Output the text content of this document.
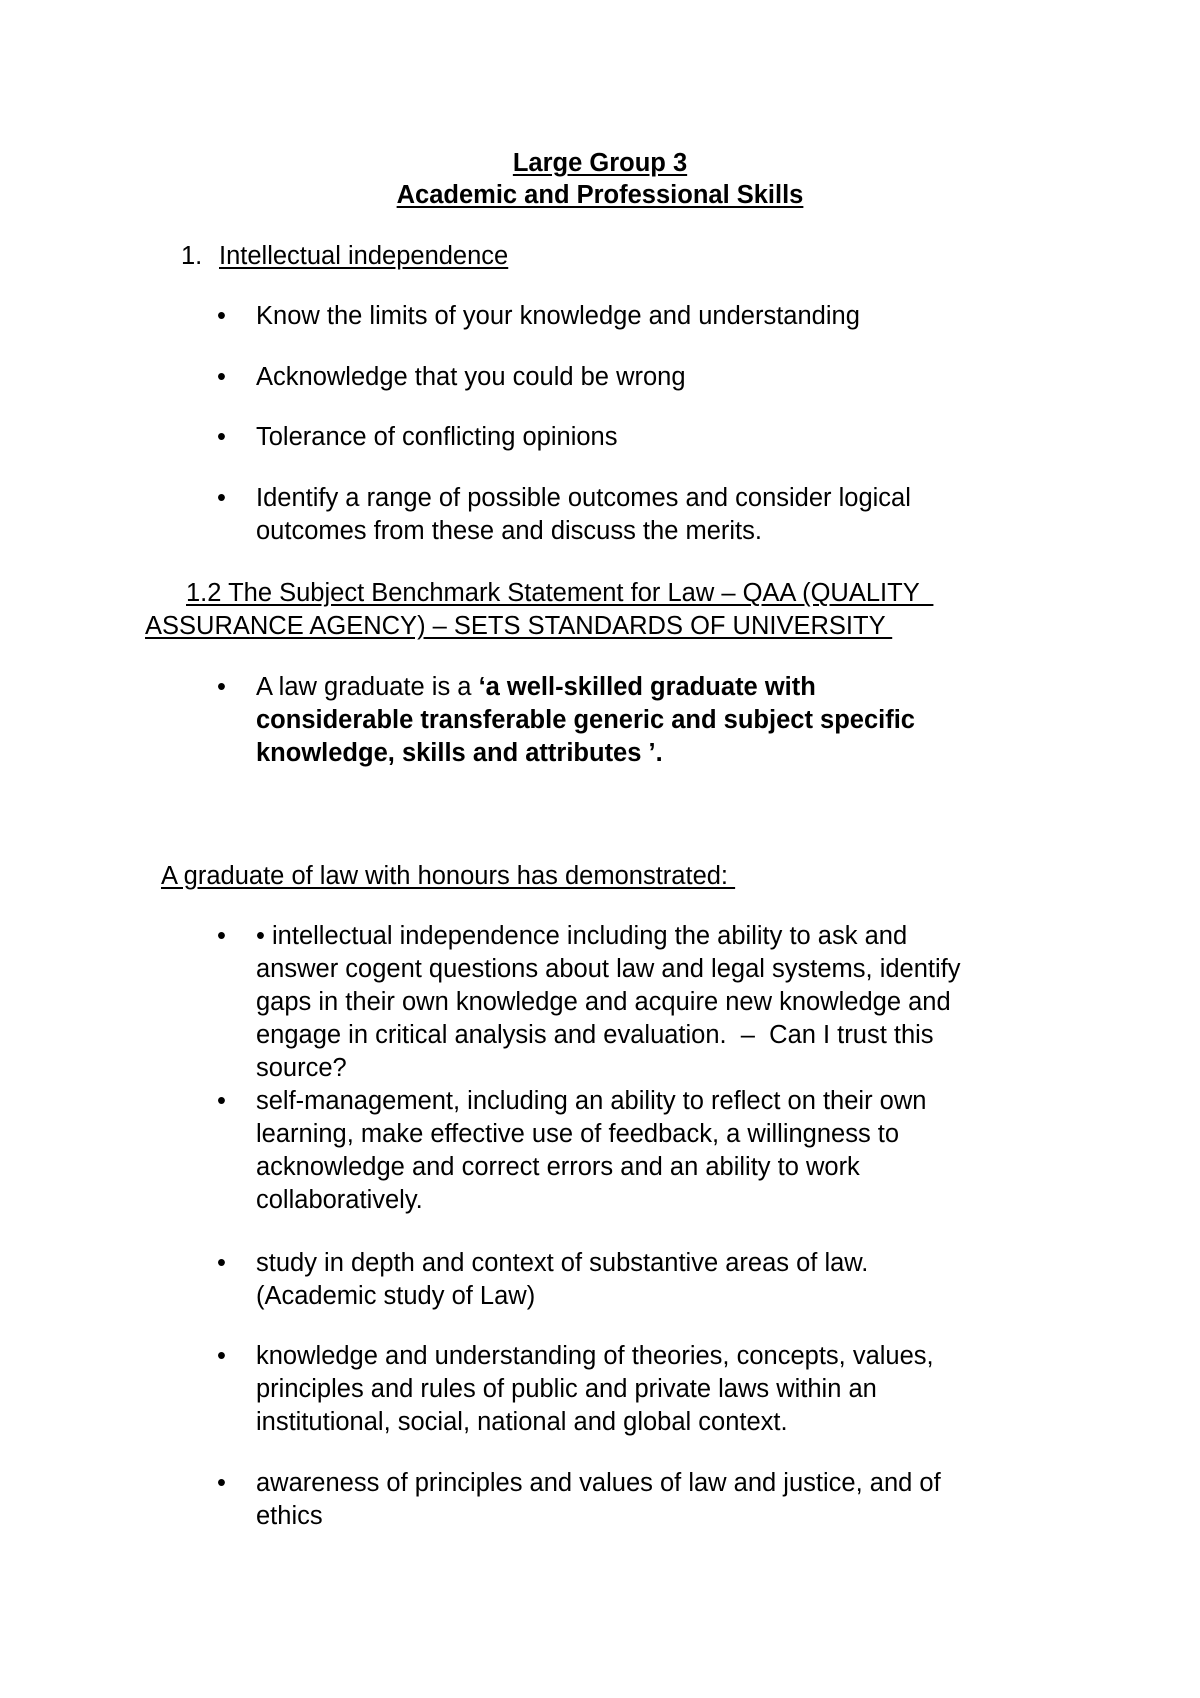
Large Group 3
Academic and Professional Skills
1. Intellectual independence
• Know the limits of your knowledge and understanding
• Acknowledge that you could be wrong
• Tolerance of conflicting opinions
• Identify a range of possible outcomes and consider logical
outcomes from these and discuss the merits.
1.2 The Subject Benchmark Statement for Law – QAA (QUALITY
ASSURANCE AGENCY) – SETS STANDARDS OF UNIVERSITY
• A law graduate is a ‘a well-skilled graduate with
considerable transferable generic and subject specific
knowledge, skills and attributes ’.
A graduate of law with honours has demonstrated:
• • intellectual independence including the ability to ask and
answer cogent questions about law and legal systems, identify
gaps in their own knowledge and acquire new knowledge and
engage in critical analysis and evaluation.  –  Can I trust this
source?
• self-management, including an ability to reflect on their own
learning, make effective use of feedback, a willingness to
acknowledge and correct errors and an ability to work
collaboratively.
• study in depth and context of substantive areas of law.
(Academic study of Law)
• knowledge and understanding of theories, concepts, values,
principles and rules of public and private laws within an
institutional, social, national and global context.
• awareness of principles and values of law and justice, and of
ethics
